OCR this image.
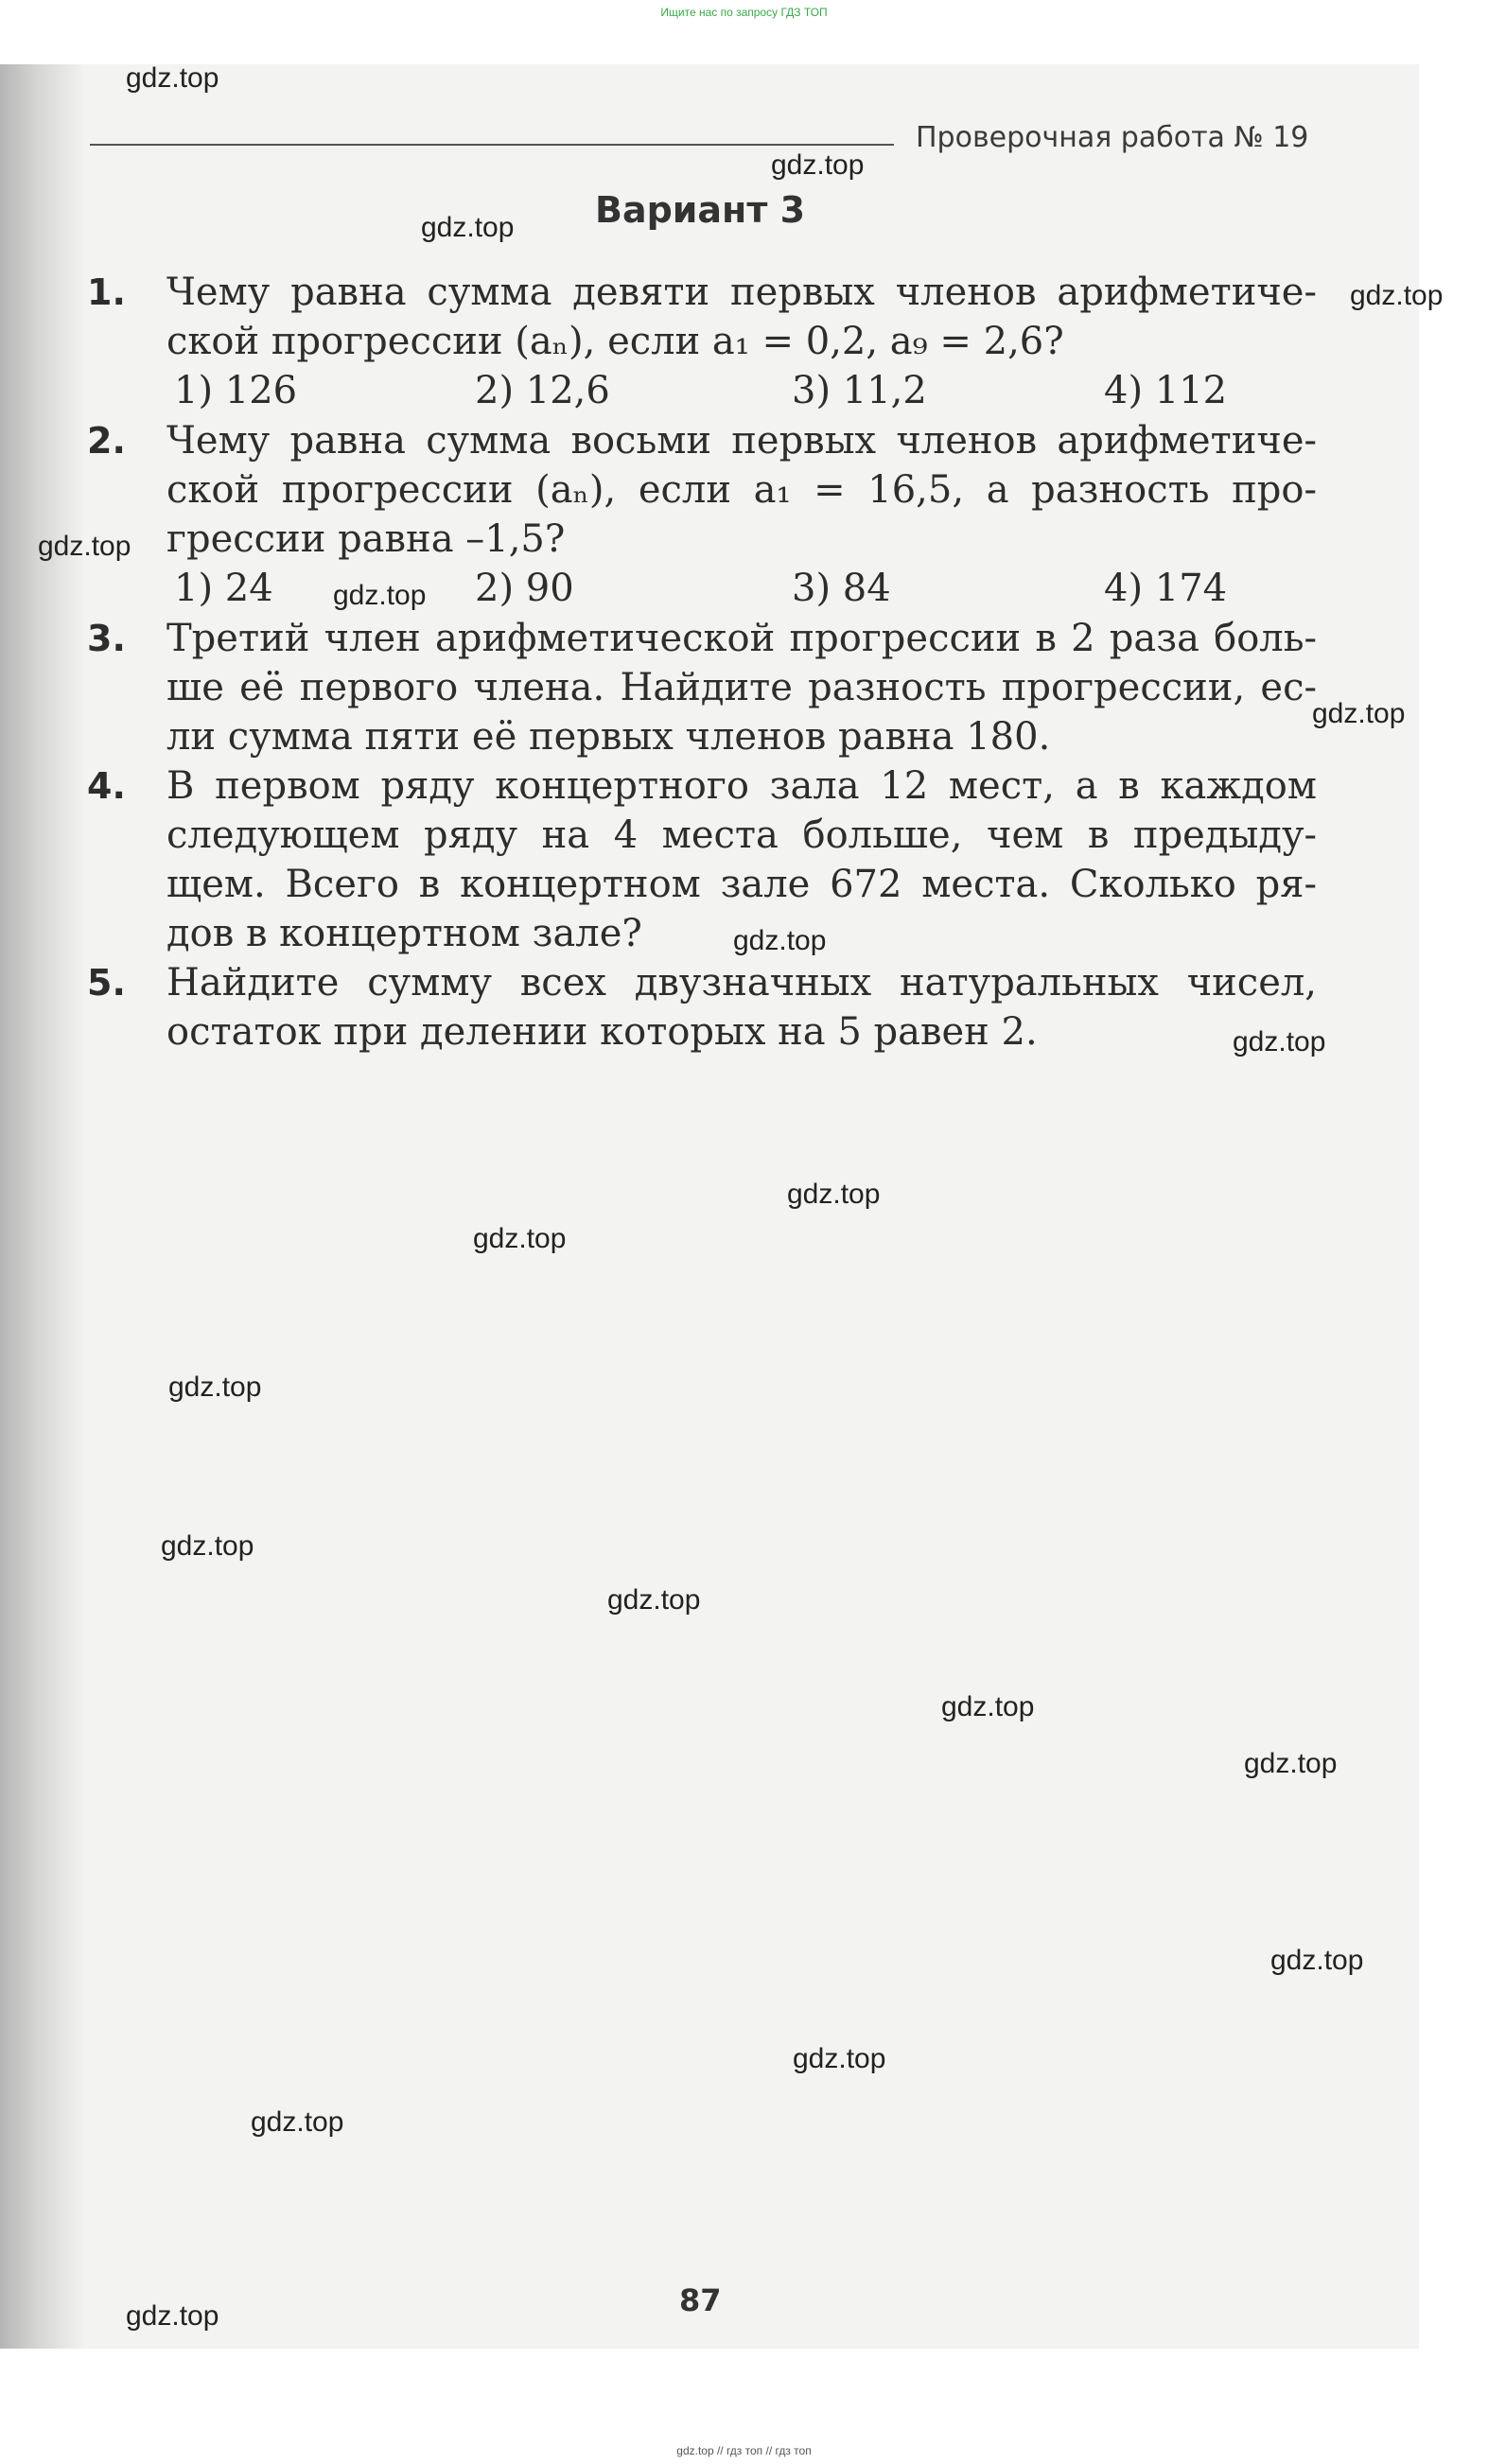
Ищите нас по запросу ГДЗ ТОП
Проверочная работа № 19
Вариант 3
1. Чему равна сумма девяти первых членов арифметиче-
ской прогрессии (aₙ), если a₁ = 0,2, a₉ = 2,6?
1) 126	2) 12,6	3) 11,2	4) 112
2. Чему равна сумма восьми первых членов арифметиче-
ской прогрессии (aₙ), если a₁ = 16,5, а разность про-
грессии равна –1,5?
1) 24	2) 90	3) 84	4) 174
3. Третий член арифметической прогрессии в 2 раза боль-
ше её первого члена. Найдите разность прогрессии, ес-
ли сумма пяти её первых членов равна 180.
4. В первом ряду концертного зала 12 мест, а в каждом
следующем ряду на 4 места больше, чем в предыду-
щем. Всего в концертном зале 672 места. Сколько ря-
дов в концертном зале?
5. Найдите сумму всех двузначных натуральных чисел,
остаток при делении которых на 5 равен 2.
87
gdz.top
gdz.top
gdz.top
gdz.top
gdz.top
gdz.top
gdz.top
gdz.top
gdz.top
gdz.top
gdz.top
gdz.top
gdz.top
gdz.top
gdz.top
gdz.top
gdz.top
gdz.top
gdz.top
gdz.top
gdz.top // гдз топ // гдз топ
